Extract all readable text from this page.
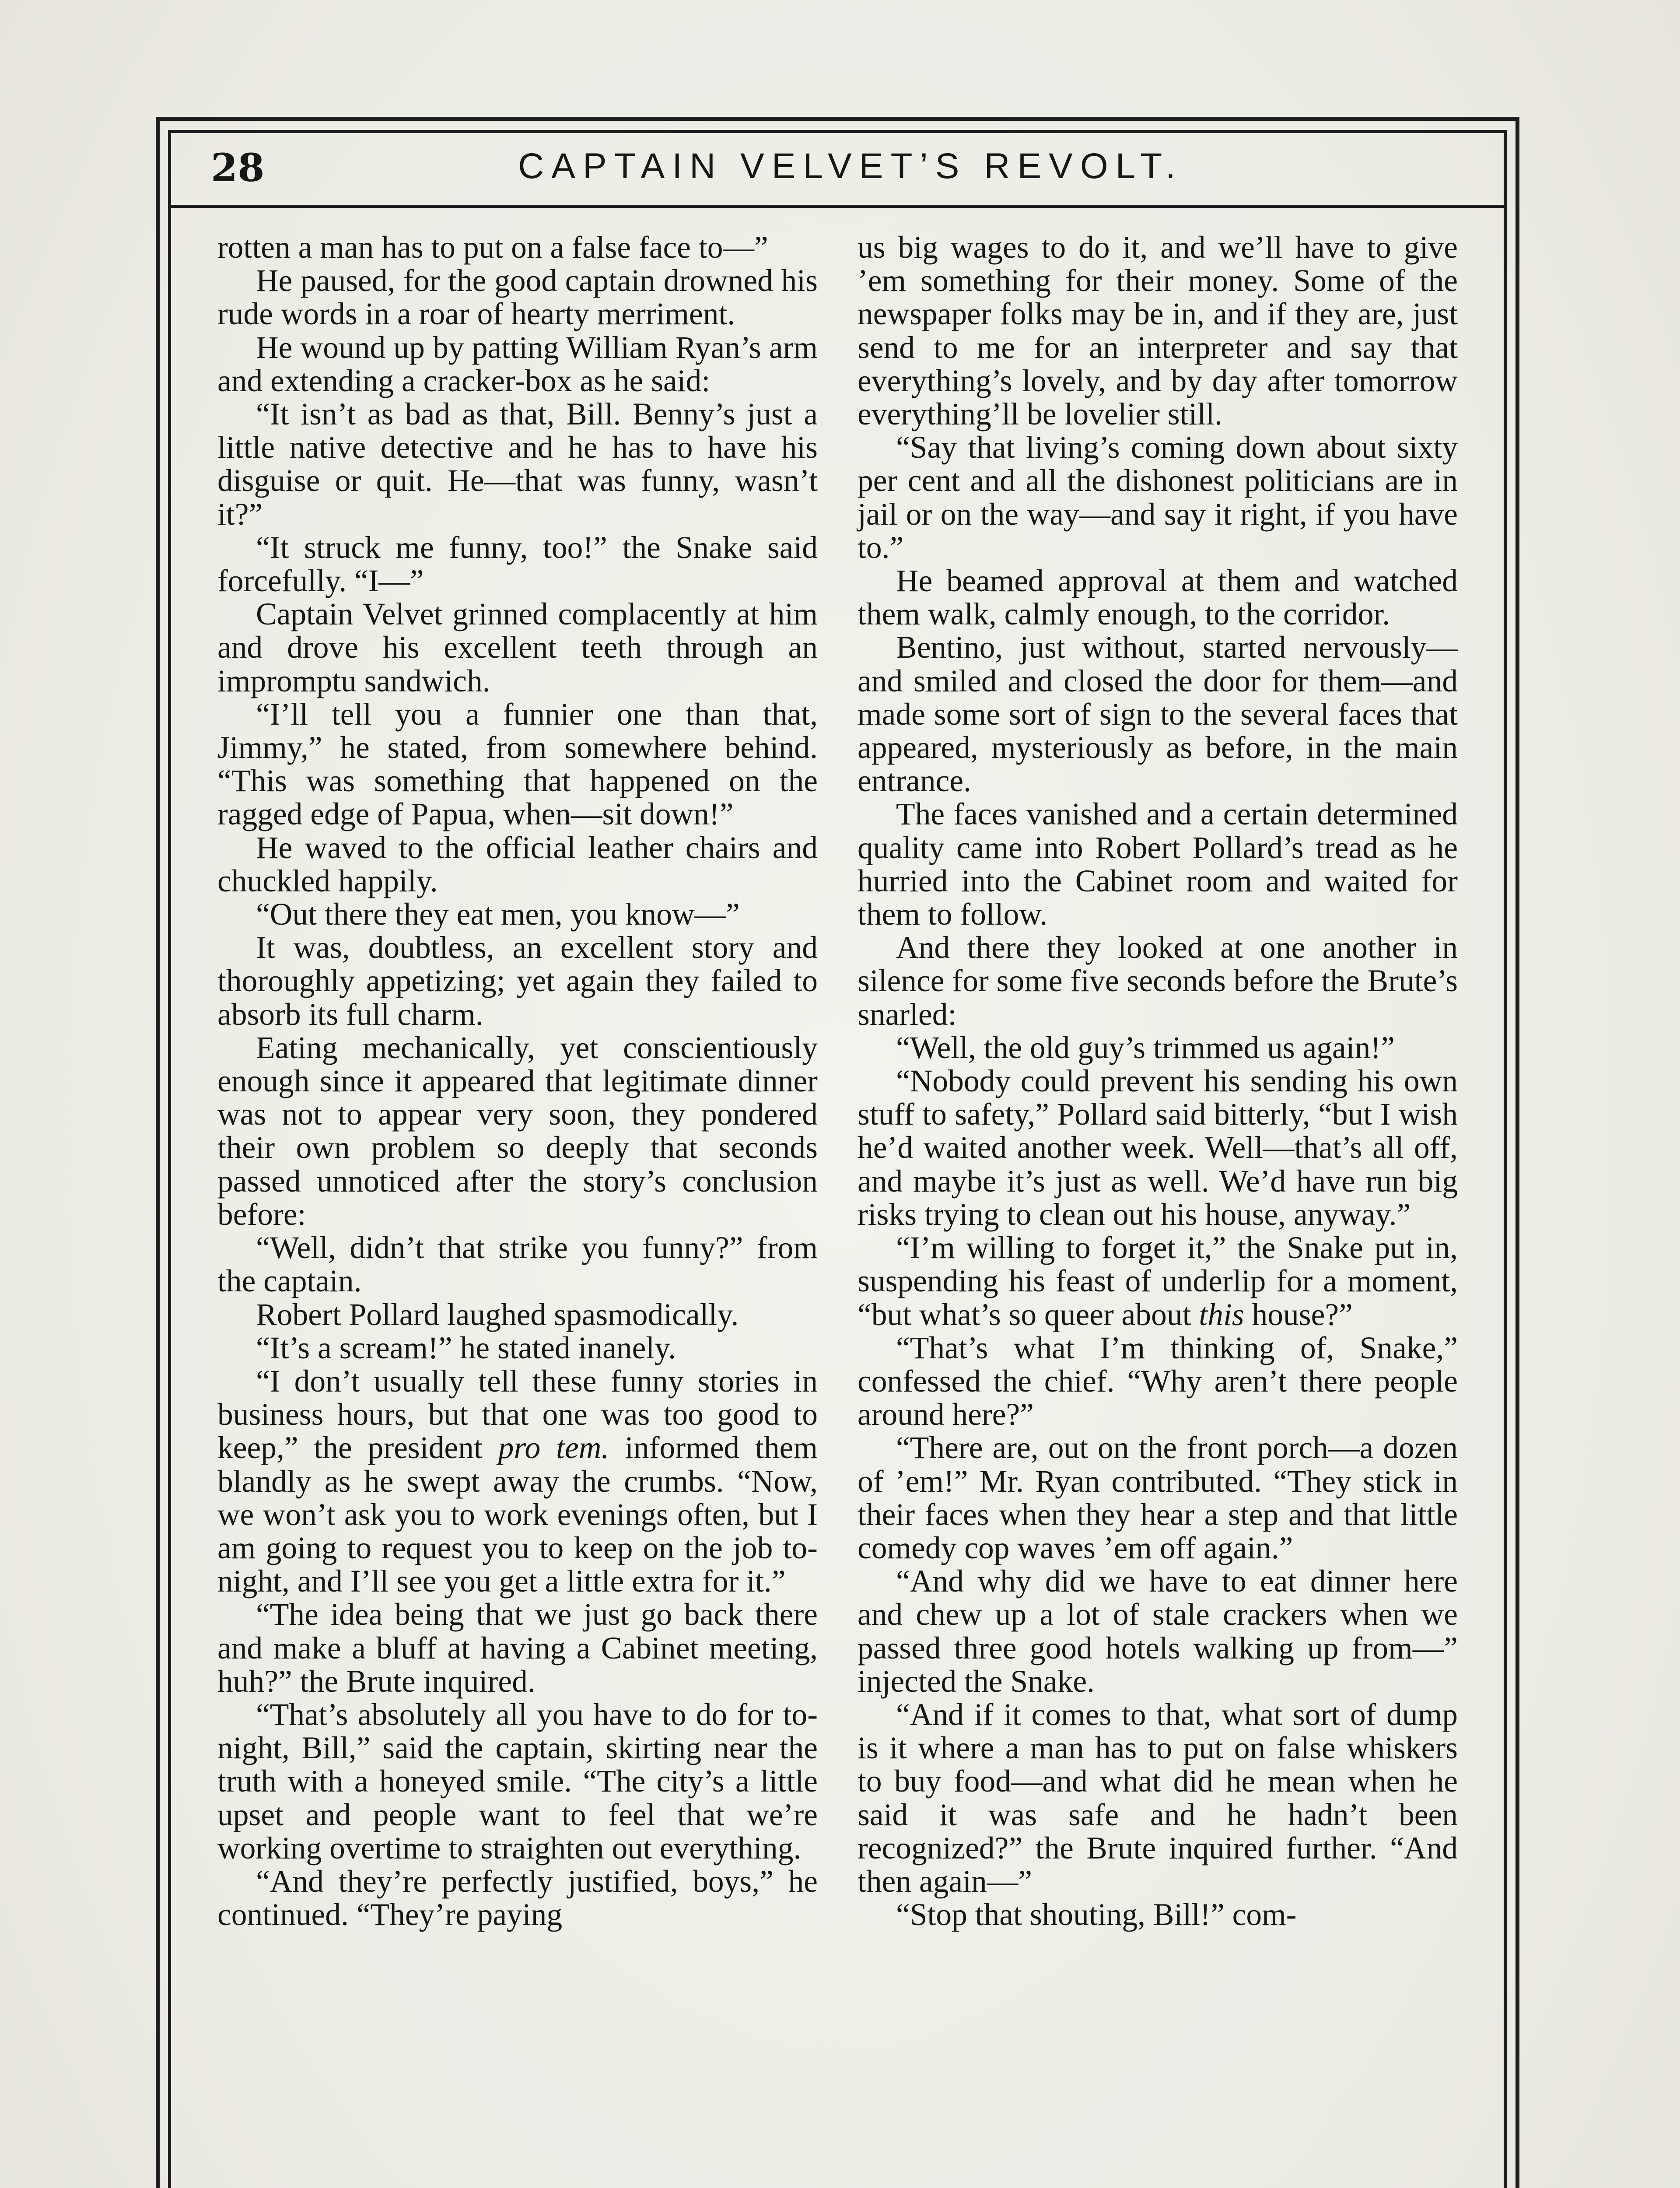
28	CAPTAIN VELVET’S REVOLT.

rotten a man has to put on a false face to—”

He paused, for the good captain drowned his rude words in a roar of hearty merriment.

He wound up by patting William Ryan’s arm and extending a cracker-box as he said:

“It isn’t as bad as that, Bill. Benny’s just a little native detective and he has to have his disguise or quit. He—that was funny, wasn’t it?”

“It struck me funny, too!” the Snake said forcefully. “I—”

Captain Velvet grinned complacently at him and drove his excellent teeth through an impromptu sandwich.

“I’ll tell you a funnier one than that, Jimmy,” he stated, from somewhere behind. “This was something that happened on the ragged edge of Papua, when—sit down!”

He waved to the official leather chairs and chuckled happily.

“Out there they eat men, you know—”

It was, doubtless, an excellent story and thoroughly appetizing; yet again they failed to absorb its full charm.

Eating mechanically, yet conscientiously enough since it appeared that legitimate dinner was not to appear very soon, they pondered their own problem so deeply that seconds passed unnoticed after the story’s conclusion before:

“Well, didn’t that strike you funny?” from the captain.

Robert Pollard laughed spasmodically.

“It’s a scream!” he stated inanely.

“I don’t usually tell these funny stories in business hours, but that one was too good to keep,” the president pro tem. informed them blandly as he swept away the crumbs. “Now, we won’t ask you to work evenings often, but I am going to request you to keep on the job to-night, and I’ll see you get a little extra for it.”

“The idea being that we just go back there and make a bluff at having a Cabinet meeting, huh?” the Brute inquired.

“That’s absolutely all you have to do for to-night, Bill,” said the captain, skirting near the truth with a honeyed smile. “The city’s a little upset and people want to feel that we’re working overtime to straighten out everything.

“And they’re perfectly justified, boys,” he continued. “They’re paying

us big wages to do it, and we’ll have to give ’em something for their money. Some of the newspaper folks may be in, and if they are, just send to me for an interpreter and say that everything’s lovely, and by day after tomorrow everything’ll be lovelier still.

“Say that living’s coming down about sixty per cent and all the dishonest politicians are in jail or on the way—and say it right, if you have to.”

He beamed approval at them and watched them walk, calmly enough, to the corridor.

Bentino, just without, started nervously—and smiled and closed the door for them—and made some sort of sign to the several faces that appeared, mysteriously as before, in the main entrance.

The faces vanished and a certain determined quality came into Robert Pollard’s tread as he hurried into the Cabinet room and waited for them to follow.

And there they looked at one another in silence for some five seconds before the Brute’s snarled:

“Well, the old guy’s trimmed us again!”

“Nobody could prevent his sending his own stuff to safety,” Pollard said bitterly, “but I wish he’d waited another week. Well—that’s all off, and maybe it’s just as well. We’d have run big risks trying to clean out his house, anyway.”

“I’m willing to forget it,” the Snake put in, suspending his feast of underlip for a moment, “but what’s so queer about this house?”

“That’s what I’m thinking of, Snake,” confessed the chief. “Why aren’t there people around here?”

“There are, out on the front porch—a dozen of ’em!” Mr. Ryan contributed. “They stick in their faces when they hear a step and that little comedy cop waves ’em off again.”

“And why did we have to eat dinner here and chew up a lot of stale crackers when we passed three good hotels walking up from—” injected the Snake.

“And if it comes to that, what sort of dump is it where a man has to put on false whiskers to buy food—and what did he mean when he said it was safe and he hadn’t been recognized?” the Brute inquired further. “And then again—”

“Stop that shouting, Bill!” com-
